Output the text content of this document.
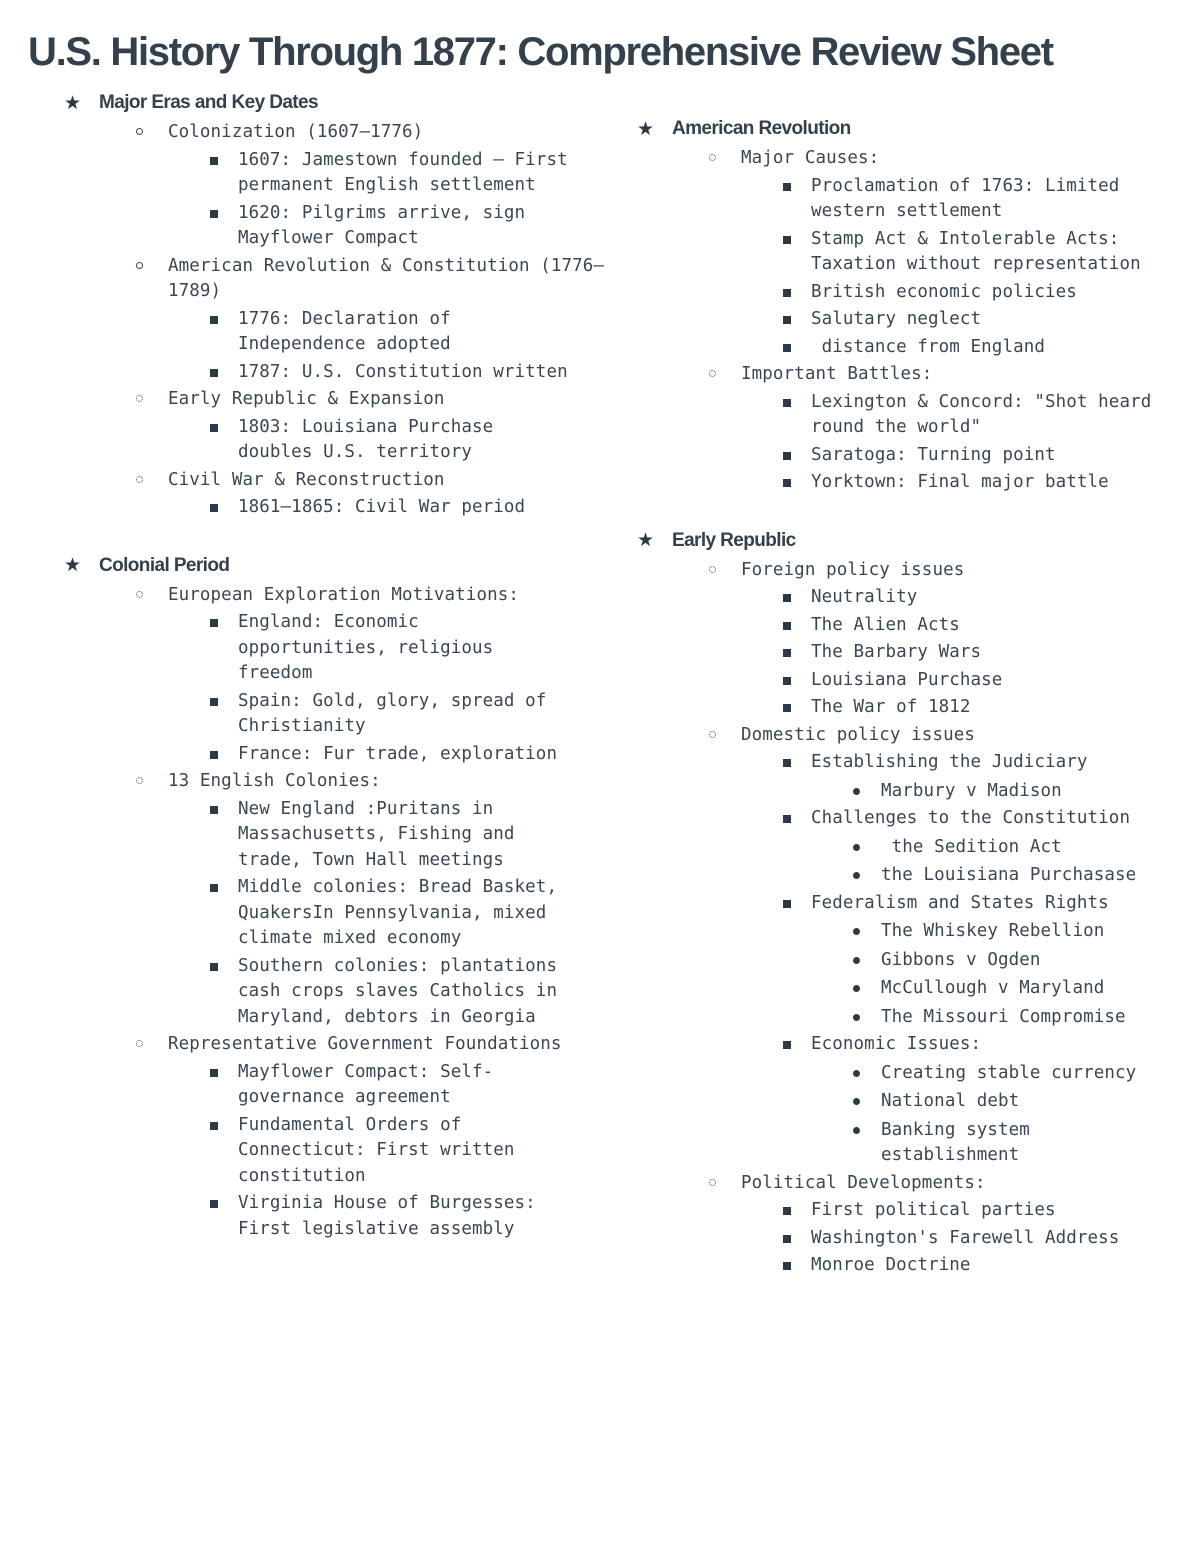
U.S. History Through 1877: Comprehensive Review Sheet
★ Major Eras and Key Dates
Colonization (1607–1776)
1607: Jamestown founded – First permanent English settlement
1620: Pilgrims arrive, sign Mayflower Compact
American Revolution & Constitution (1776–1789)
1776: Declaration of Independence adopted
1787: U.S. Constitution written
Early Republic & Expansion
1803: Louisiana Purchase doubles U.S. territory
Civil War & Reconstruction
1861–1865: Civil War period
★ Colonial Period
European Exploration Motivations:
England: Economic opportunities, religious freedom
Spain: Gold, glory, spread of Christianity
France: Fur trade, exploration
13 English Colonies:
New England :Puritans in Massachusetts, Fishing and trade, Town Hall meetings
Middle colonies: Bread Basket, QuakersIn Pennsylvania, mixed climate mixed economy
Southern colonies: plantations cash crops slaves Catholics in Maryland, debtors in Georgia
Representative Government Foundations
Mayflower Compact: Self-governance agreement
Fundamental Orders of Connecticut: First written constitution
Virginia House of Burgesses: First legislative assembly
★ American Revolution
Major Causes:
Proclamation of 1763: Limited western settlement
Stamp Act & Intolerable Acts: Taxation without representation
British economic policies
Salutary neglect
distance from England
Important Battles:
Lexington & Concord: "Shot heard round the world"
Saratoga: Turning point
Yorktown: Final major battle
★ Early Republic
Foreign policy issues
Neutrality
The Alien Acts
The Barbary Wars
Louisiana Purchase
The War of 1812
Domestic policy issues
Establishing the Judiciary
Marbury v Madison
Challenges to the Constitution
the Sedition Act
the Louisiana Purchasase
Federalism and States Rights
The Whiskey Rebellion
Gibbons v Ogden
McCullough v Maryland
The Missouri Compromise
Economic Issues:
Creating stable currency
National debt
Banking system establishment
Political Developments:
First political parties
Washington's Farewell Address
Monroe Doctrine
